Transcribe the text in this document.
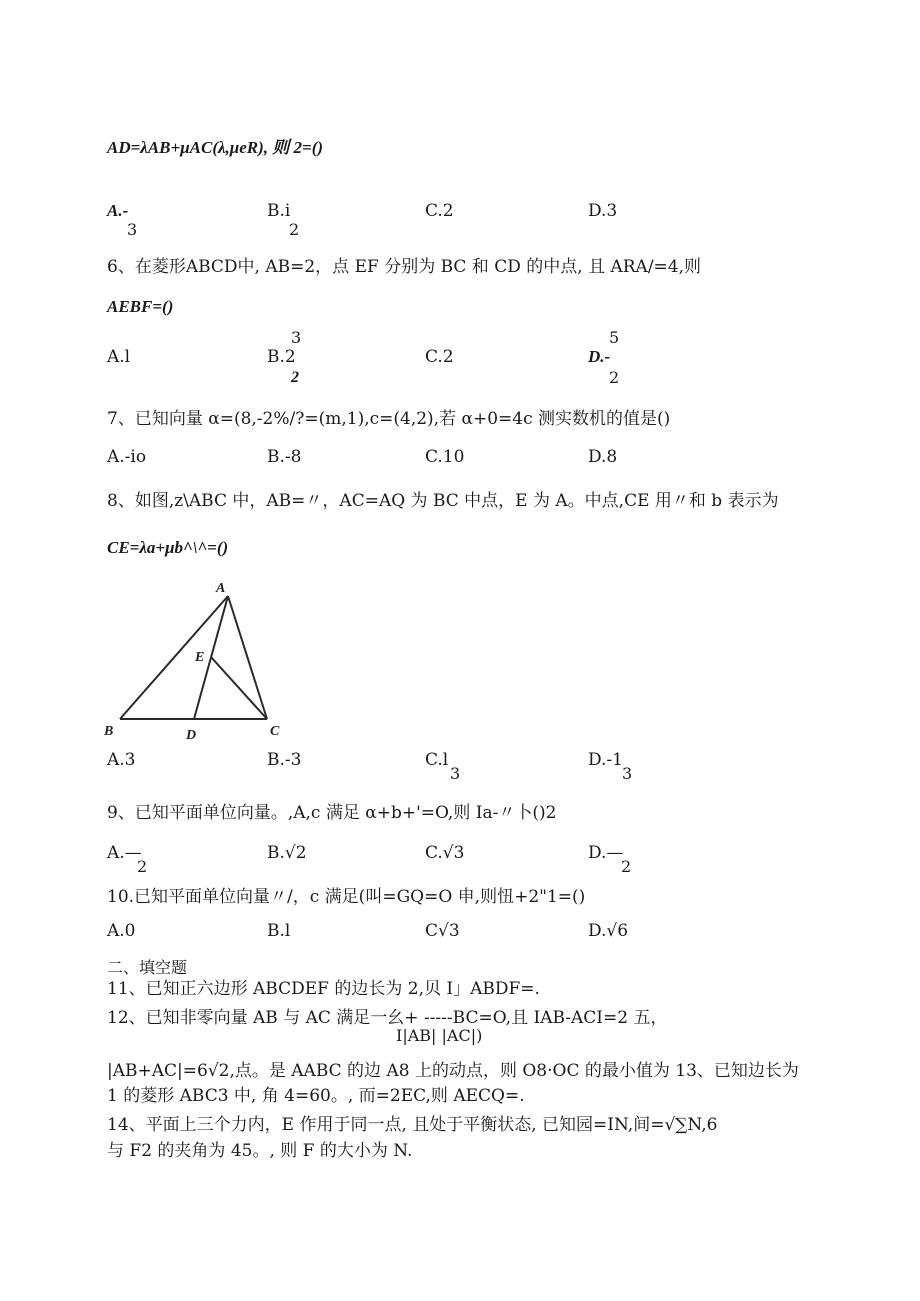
AD=λAB+μAC(λ,μeR), 则 2=()
A.-
3
B.i
2
C.2	D.3
6、在菱形ABCD中, AB=2，点 EF 分别为 BC 和 CD 的中点, 且 ARA/=4,则
AEBF=()
A.l	B.2
3
2
C.2	D.-
5
2
7、已知向量 α=(8,-2%/?=(m,1),c=(4,2),若 α+0=4c 测实数机的值是()
A.-io	B.-8	C.10	D.8
8、如图,z\ABC 中，AB=〃，AC=AQ 为 BC 中点，E 为 A。中点,CE 用〃和 b 表示为
CE=λa+μb^\^=()
A
B	C
D
E
A.3	B.-3	C.l
3
D.-1
3
9、已知平面单位向量。,A,c 满足 α+b+'=O,则 Ia-〃卜()2
A.—
2
B.√2	C.√3	D.—
2
10.已知平面单位向量〃/，c 满足(叫=GQ=O 申,则忸+2"1=()
A.0	B.l	C√3	D.√6
二、填空题
11、已知正六边形 ABCDEF 的边长为 2,贝 I」ABDF=.
12、已知非零向量 AB 与 AC 满足一幺+ -----BC=O,且 IAB-ACI=2 五，
I|AB| |AC|)
|AB+AC|=6√2,点。是 AABC 的边 A8 上的动点，则 O8·OC 的最小值为 13、已知边长为
1 的菱形 ABC3 中, 角 4=60。, 而=2EC,则 AECQ=.
14、平面上三个力内，E 作用于同一点, 且处于平衡状态, 已知园=IN,间=√∑N,6
与 F2 的夹角为 45。, 则 F 的大小为 N.
